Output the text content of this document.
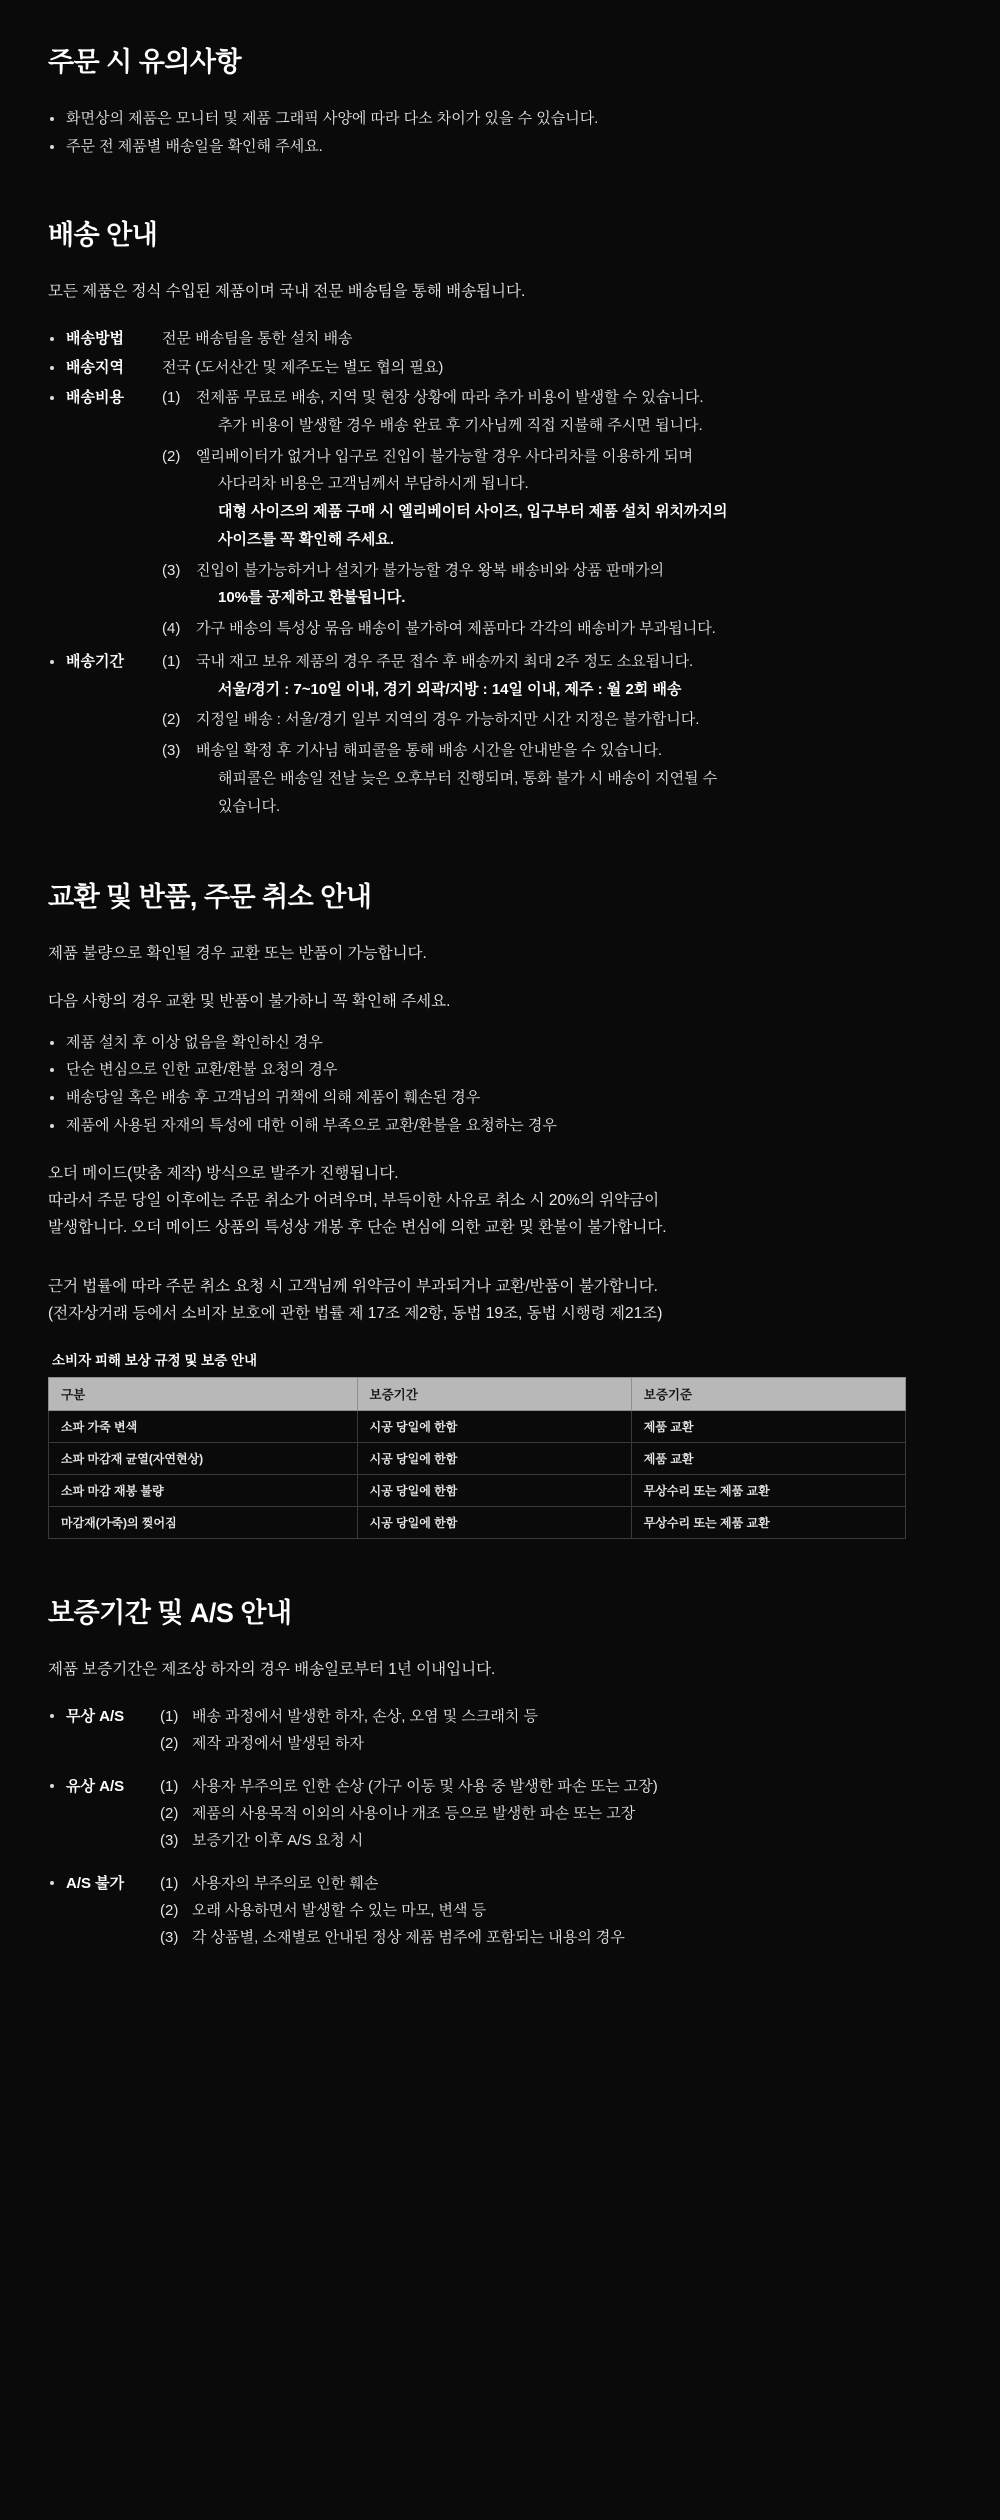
주문 시 유의사항
화면상의 제품은 모니터 및 제품 그래픽 사양에 따라 다소 차이가 있을 수 있습니다.
주문 전 제품별 배송일을 확인해 주세요.
배송 안내

모든 제품은 정식 수입된 제품이며 국내 전문 배송팀을 통해 배송됩니다.

배송방법	전문 배송팀을 통한 설치 배송
배송지역	전국 (도서산간 및 제주도는 별도 협의 필요)
배송비용	(1)	전제품 무료로 배송, 지역 및 현장 상황에 따라 추가 비용이 발생할 수 있습니다.
추가 비용이 발생할 경우 배송 완료 후 기사님께 직접 지불해 주시면 됩니다.
(2)	엘리베이터가 없거나 입구로 진입이 불가능할 경우 사다리차를 이용하게 되며
사다리차 비용은 고객님께서 부담하시게 됩니다.
대형 사이즈의 제품 구매 시 엘리베이터 사이즈, 입구부터 제품 설치 위치까지의
사이즈를 꼭 확인해 주세요.
(3)	진입이 불가능하거나 설치가 불가능할 경우 왕복 배송비와 상품 판매가의
10%를 공제하고 환불됩니다.
(4)	가구 배송의 특성상 묶음 배송이 불가하여 제품마다 각각의 배송비가 부과됩니다.
배송기간	(1)	국내 재고 보유 제품의 경우 주문 접수 후 배송까지 최대 2주 정도 소요됩니다.
서울/경기 : 7~10일 이내, 경기 외곽/지방 : 14일 이내, 제주 : 월 2회 배송
(2)	지정일 배송 : 서울/경기 일부 지역의 경우 가능하지만 시간 지정은 불가합니다.
(3)	배송일 확정 후 기사님 해피콜을 통해 배송 시간을 안내받을 수 있습니다.
해피콜은 배송일 전날 늦은 오후부터 진행되며, 통화 불가 시 배송이 지연될 수
있습니다.
교환 및 반품, 주문 취소 안내

제품 불량으로 확인될 경우 교환 또는 반품이 가능합니다.

다음 사항의 경우 교환 및 반품이 불가하니 꼭 확인해 주세요.

제품 설치 후 이상 없음을 확인하신 경우
단순 변심으로 인한 교환/환불 요청의 경우
배송당일 혹은 배송 후 고객님의 귀책에 의해 제품이 훼손된 경우
제품에 사용된 자재의 특성에 대한 이해 부족으로 교환/환불을 요청하는 경우

오더 메이드(맞춤 제작) 방식으로 발주가 진행됩니다.

따라서 주문 당일 이후에는 주문 취소가 어려우며, 부득이한 사유로 취소 시 20%의 위약금이

발생합니다. 오더 메이드 상품의 특성상 개봉 후 단순 변심에 의한 교환 및 환불이 불가합니다.

근거 법률에 따라 주문 취소 요청 시 고객님께 위약금이 부과되거나 교환/반품이 불가합니다.

(전자상거래 등에서 소비자 보호에 관한 법률 제 17조 제2항, 동법 19조, 동법 시행령 제21조)

소비자 피해 보상 규정 및 보증 안내
구분	보증기간	보증기준
소파 가죽 변색	시공 당일에 한함	제품 교환
소파 마감재 균열(자연현상)	시공 당일에 한함	제품 교환
소파 마감 재봉 불량	시공 당일에 한함	무상수리 또는 제품 교환
마감재(가죽)의 찢어짐	시공 당일에 한함	무상수리 또는 제품 교환
보증기간 및 A/S 안내

제품 보증기간은 제조상 하자의 경우 배송일로부터 1년 이내입니다.

무상 A/S	(1) 배송 과정에서 발생한 하자, 손상, 오염 및 스크래치 등
(2) 제작 과정에서 발생된 하자
유상 A/S	(1) 사용자 부주의로 인한 손상 (가구 이동 및 사용 중 발생한 파손 또는 고장)
(2) 제품의 사용목적 이외의 사용이나 개조 등으로 발생한 파손 또는 고장
(3) 보증기간 이후 A/S 요청 시
A/S 불가	(1) 사용자의 부주의로 인한 훼손
(2) 오래 사용하면서 발생할 수 있는 마모, 변색 등
(3) 각 상품별, 소재별로 안내된 정상 제품 범주에 포함되는 내용의 경우
